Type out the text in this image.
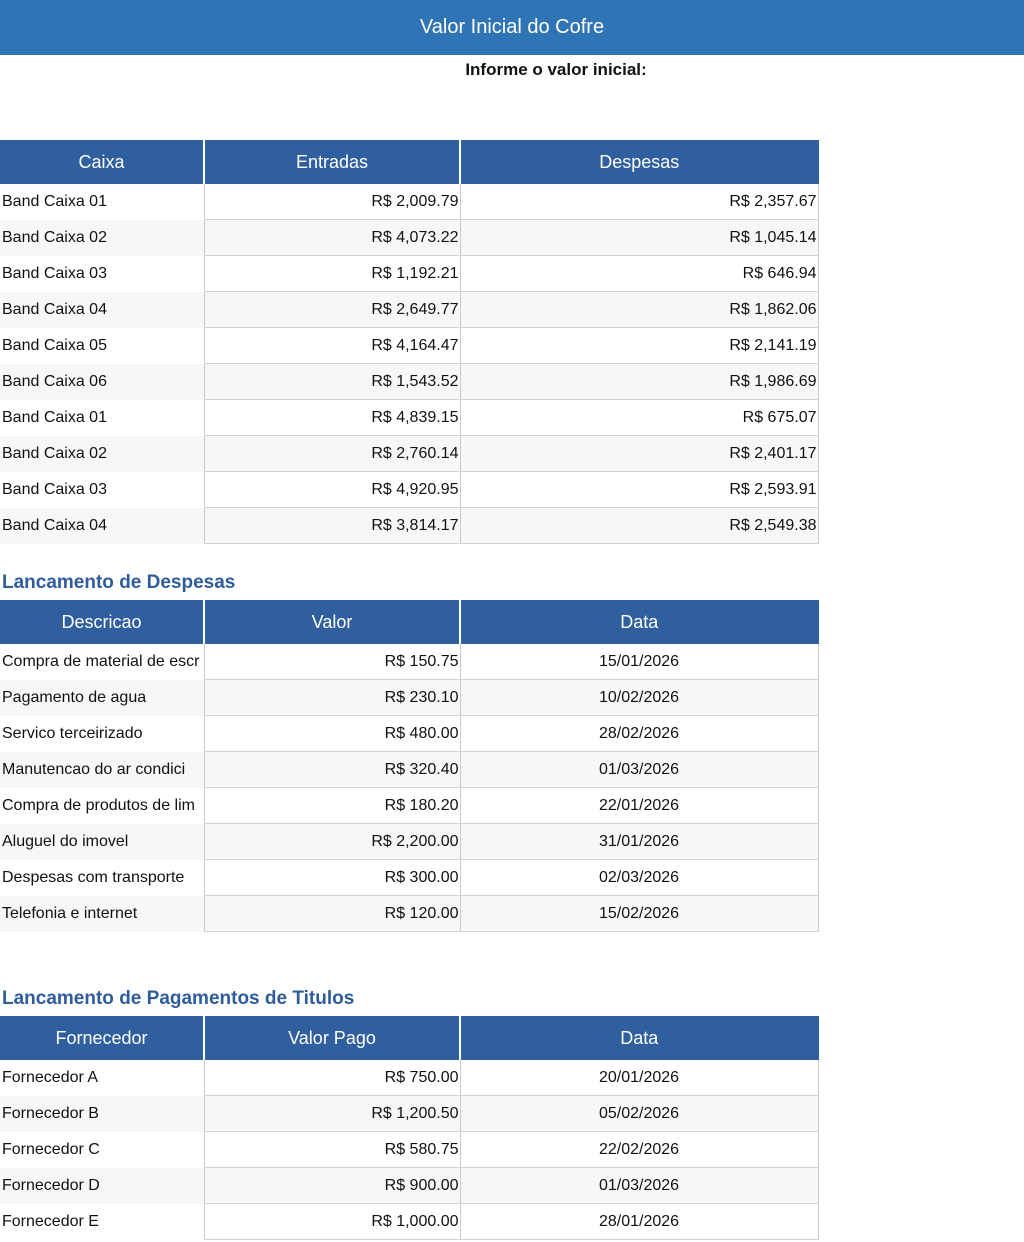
Valor Inicial do Cofre
Informe o valor inicial:
Caixa	Entradas	Despesas
Band Caixa 01	R$ 2,009.79	R$ 2,357.67
Band Caixa 02	R$ 4,073.22	R$ 1,045.14
Band Caixa 03	R$ 1,192.21	R$ 646.94
Band Caixa 04	R$ 2,649.77	R$ 1,862.06
Band Caixa 05	R$ 4,164.47	R$ 2,141.19
Band Caixa 06	R$ 1,543.52	R$ 1,986.69
Band Caixa 01	R$ 4,839.15	R$ 675.07
Band Caixa 02	R$ 2,760.14	R$ 2,401.17
Band Caixa 03	R$ 4,920.95	R$ 2,593.91
Band Caixa 04	R$ 3,814.17	R$ 2,549.38
Lancamento de Despesas
Descricao	Valor	Data
Compra de material de escr	R$ 150.75	15/01/2026
Pagamento de agua	R$ 230.10	10/02/2026
Servico terceirizado	R$ 480.00	28/02/2026
Manutencao do ar condici	R$ 320.40	01/03/2026
Compra de produtos de lim	R$ 180.20	22/01/2026
Aluguel do imovel	R$ 2,200.00	31/01/2026
Despesas com transporte	R$ 300.00	02/03/2026
Telefonia e internet	R$ 120.00	15/02/2026
Lancamento de Pagamentos de Titulos
Fornecedor	Valor Pago	Data
Fornecedor A	R$ 750.00	20/01/2026
Fornecedor B	R$ 1,200.50	05/02/2026
Fornecedor C	R$ 580.75	22/02/2026
Fornecedor D	R$ 900.00	01/03/2026
Fornecedor E	R$ 1,000.00	28/01/2026
